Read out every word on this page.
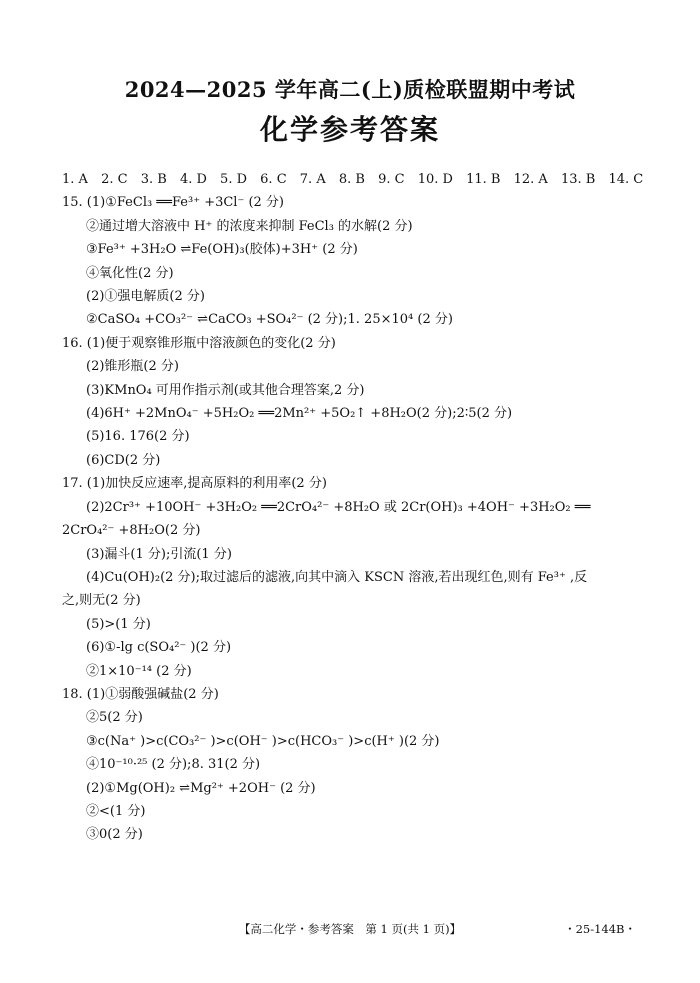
2024—2025 学年高二(上)质检联盟期中考试
化学参考答案
1. A 2. C 3. B 4. D 5. D 6. C 7. A 8. B 9. C 10. D 11. B 12. A 13. B 14. C
15. (1)①FeCl₃ ══Fe³⁺ +3Cl⁻ (2 分)
②通过增大溶液中 H⁺ 的浓度来抑制 FeCl₃ 的水解(2 分)
③Fe³⁺ +3H₂O ⇌Fe(OH)₃(胶体)+3H⁺ (2 分)
④氧化性(2 分)
(2)①强电解质(2 分)
②CaSO₄ +CO₃²⁻ ⇌CaCO₃ +SO₄²⁻ (2 分);1. 25×10⁴ (2 分)
16. (1)便于观察锥形瓶中溶液颜色的变化(2 分)
(2)锥形瓶(2 分)
(3)KMnO₄ 可用作指示剂(或其他合理答案,2 分)
(4)6H⁺ +2MnO₄⁻ +5H₂O₂ ══2Mn²⁺ +5O₂↑ +8H₂O(2 分);2∶5(2 分)
(5)16. 176(2 分)
(6)CD(2 分)
17. (1)加快反应速率,提高原料的利用率(2 分)
(2)2Cr³⁺ +10OH⁻ +3H₂O₂ ══2CrO₄²⁻ +8H₂O 或 2Cr(OH)₃ +4OH⁻ +3H₂O₂ ══
2CrO₄²⁻ +8H₂O(2 分)
(3)漏斗(1 分);引流(1 分)
(4)Cu(OH)₂(2 分);取过滤后的滤液,向其中滴入 KSCN 溶液,若出现红色,则有 Fe³⁺ ,反
之,则无(2 分)
(5)>(1 分)
(6)①-lg c(SO₄²⁻ )(2 分)
②1×10⁻¹⁴ (2 分)
18. (1)①弱酸强碱盐(2 分)
②5(2 分)
③c(Na⁺ )>c(CO₃²⁻ )>c(OH⁻ )>c(HCO₃⁻ )>c(H⁺ )(2 分)
④10⁻¹⁰·²⁵ (2 分);8. 31(2 分)
(2)①Mg(OH)₂ ⇌Mg²⁺ +2OH⁻ (2 分)
②<(1 分)
③0(2 分)
【高二化学・参考答案　第 1 页(共 1 页)】	・25-144B・
